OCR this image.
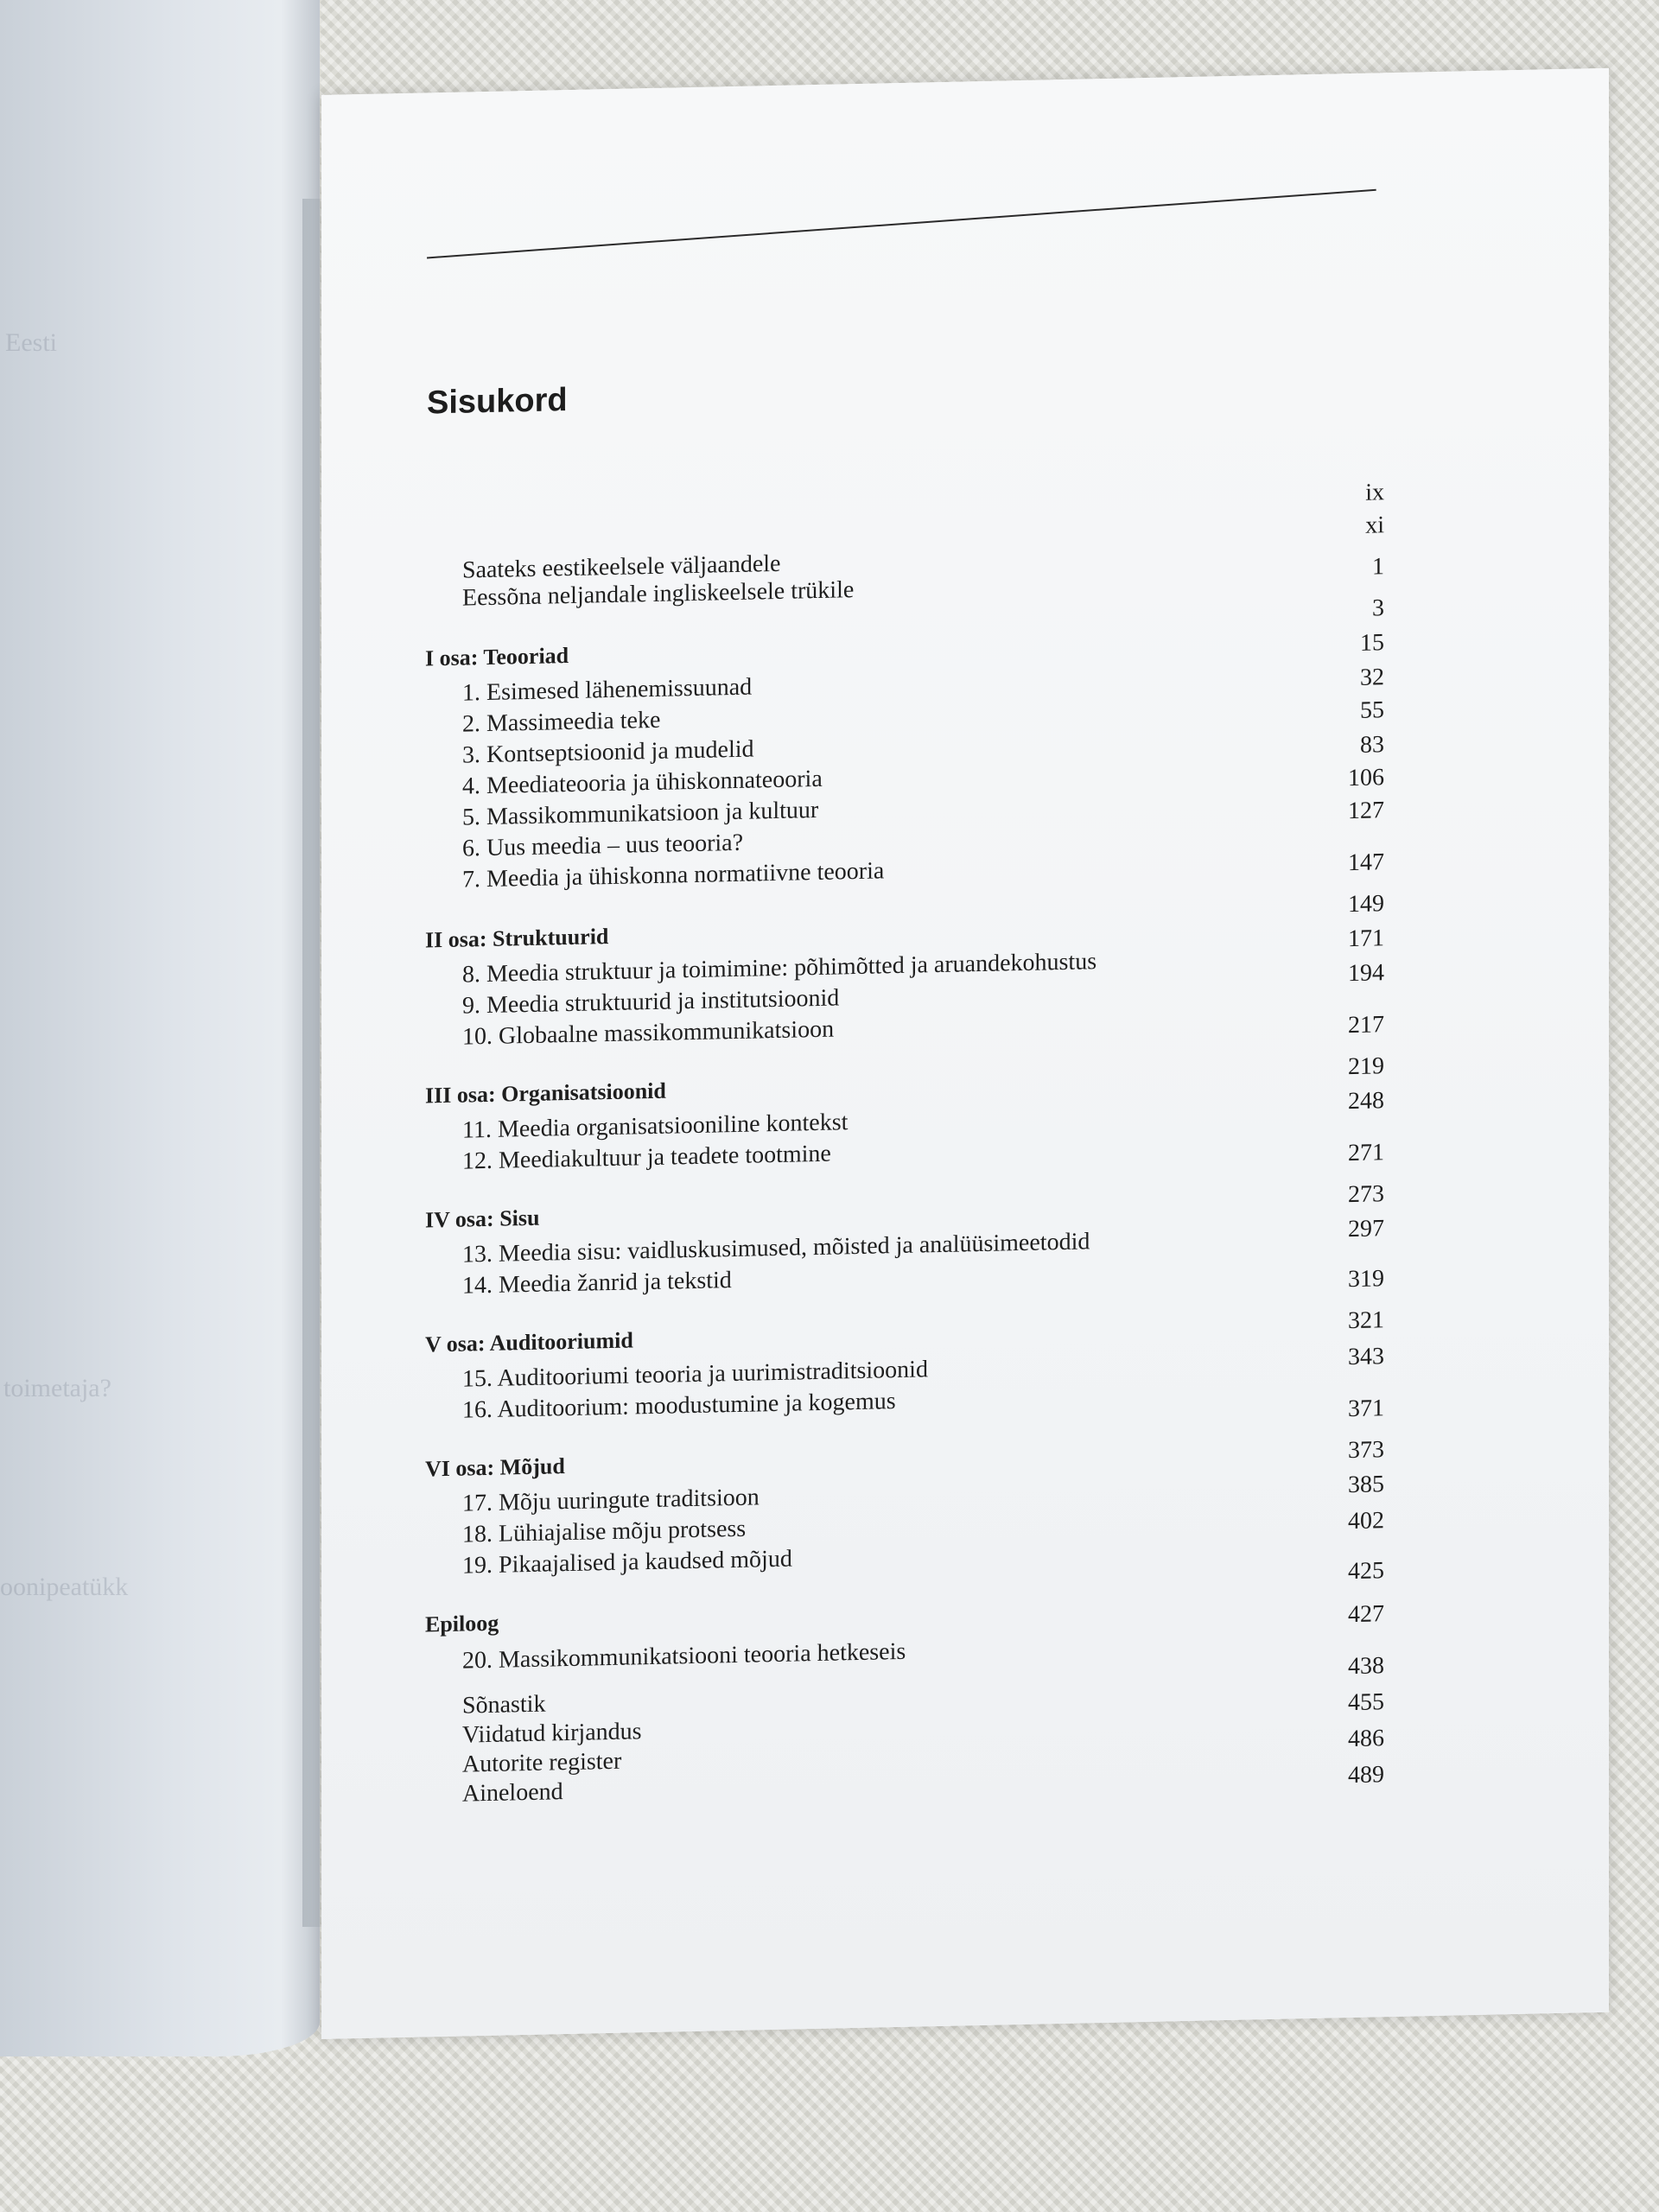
Eesti
toimetaja?
oonipeatükk
Sisukord
Saateks eestikeelsele väljaandele
Eessõna neljandale ingliskeelsele trükile
I osa: Teooriad
1. Esimesed lähenemissuunad
2. Massimeedia teke
3. Kontseptsioonid ja mudelid
4. Meediateooria ja ühiskonnateooria
5. Massikommunikatsioon ja kultuur
6. Uus meedia – uus teooria?
7. Meedia ja ühiskonna normatiivne teooria
II osa: Struktuurid
8. Meedia struktuur ja toimimine: põhimõtted ja aruandekohustus
9. Meedia struktuurid ja institutsioonid
10. Globaalne massikommunikatsioon
III osa: Organisatsioonid
11. Meedia organisatsiooniline kontekst
12. Meediakultuur ja teadete tootmine
IV osa: Sisu
13. Meedia sisu: vaidluskusimused, mõisted ja analüüsimeetodid
14. Meedia žanrid ja tekstid
V osa: Auditooriumid
15. Auditooriumi teooria ja uurimistraditsioonid
16. Auditoorium: moodustumine ja kogemus
VI osa: Mõjud
17. Mõju uuringute traditsioon
18. Lühiajalise mõju protsess
19. Pikaajalised ja kaudsed mõjud
Epiloog
20. Massikommunikatsiooni teooria hetkeseis
Sõnastik
Viidatud kirjandus
Autorite register
Aineloend
ix
xi
1
3
15
32
55
83
106
127
147
149
171
194
217
219
248
271
273
297
319
321
343
371
373
385
402
425
427
438
455
486
489
